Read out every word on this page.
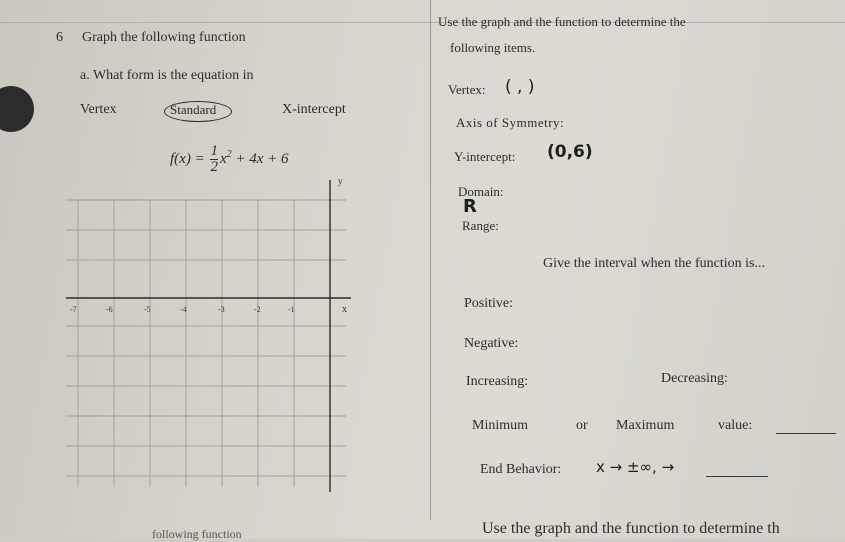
6 Graph the following function
a. What form is the equation in
Vertex	Standard	X-intercept
$f(x) = \frac{1}{2} x^2 + 4x + 6$
x
y
-7	-6	-5	-4	-3	-2	-1
Use the graph and the function to determine the
following items.
Vertex: ( , )
Axis of Symmetry:
Y-intercept: (0,6)
Domain:
R
Range:
Give the interval when the function is...
Positive:
Negative:
Increasing:	Decreasing:
Minimum	or Maximum	value:
End Behavior: x → ±∞, →
following function	Use the graph and the function to determine th
